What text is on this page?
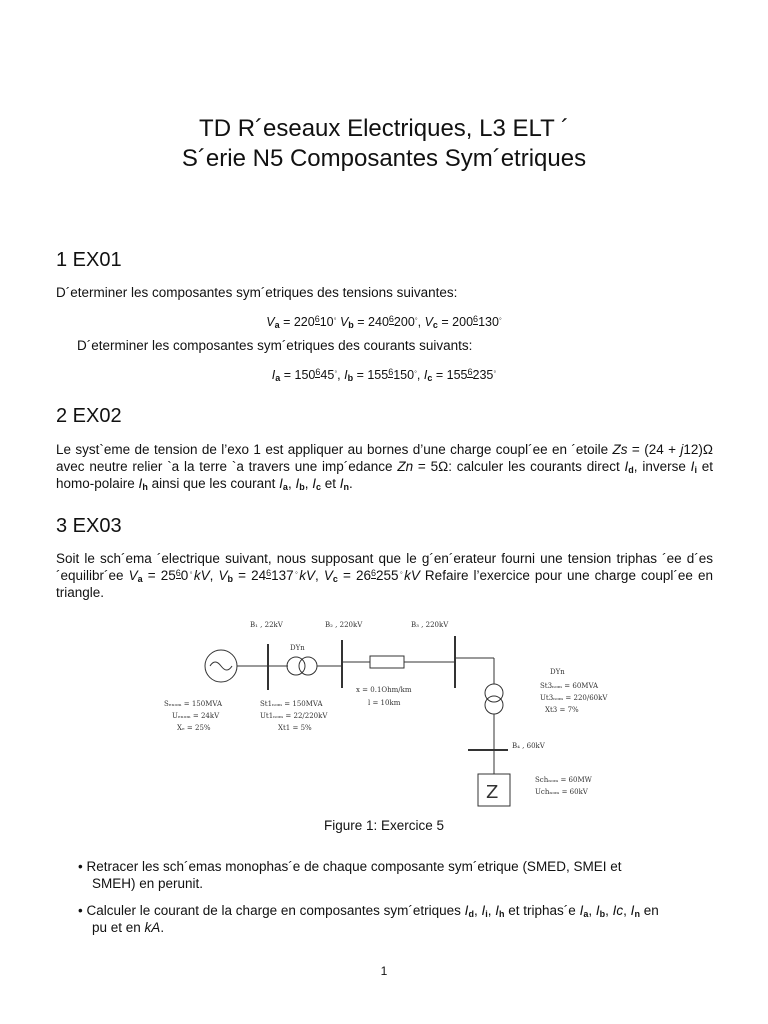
TD R´eseaux Electriques, L3 ELT ´
S´erie N5 Composantes Sym´etriques
1 EX01
D´eterminer les composantes sym´etriques des tensions suivantes:
$V_a = 220^610^◦$ $V_b = 240^6200^◦$, $V_c = 200^6130^◦$
D´eterminer les composantes sym´etriques des courants suivants:
$I_a = 150^645^◦$, $I_b = 155^6150^◦$, $I_c = 155^6235^◦$
2 EX02
Le syst`eme de tension de l’exo 1 est appliquer au bornes d’une charge coupl´ee en ´etoile Zs = (24 + j12)Ω avec neutre relier `a la terre `a travers une imp´edance Zn = 5Ω: calculer les courants direct $I_d$, inverse $I_i$ et homo-polaire $I_h$ ainsi que les courant $I_a$, $I_b$, $I_c$ et $I_n$.
3 EX03
Soit le sch´ema ´electrique suivant, nous supposant que le g´en´erateur fourni une tension triphas ´ee d´es´equilibr´ee $V_a = 25^60^◦kV$, $V_b = 24^6137^◦kV$, $V_c = 26^6255^◦kV$ Refaire l’exercice pour une charge coupl´ee en triangle.
B₁ , 22kV	B₂ , 220kV	B₃ , 220kV
DYn
DYn
Sₑₙₒₘ = 150MVA
Uₑₙₒₘ = 24kV
Xₑ = 25%
St1ₙₒₘ = 150MVA
Ut1ₙₒₘ = 22/220kV
Xt1 = 5%
x = 0.1Ohm/km
l = 10km
St3ₙₒₘ = 60MVA
Ut3ₙₒₘ = 220/60kV
Xt3 = 7%
B₄ , 60kV
Schₙₒₘ = 60MW
Uchₙₒₘ = 60kV
Z
Figure 1: Exercice 5
• Retracer les sch´emas monophas´e de chaque composante sym´etrique (SMED, SMEI et
SMEH) en perunit.
• Calculer le courant de la charge en composantes sym´etriques $I_d$, $I_i$, $I_h$ et triphas´e $I_a$, $I_b$, Ic, $I_n$ en
pu et en kA.
1
